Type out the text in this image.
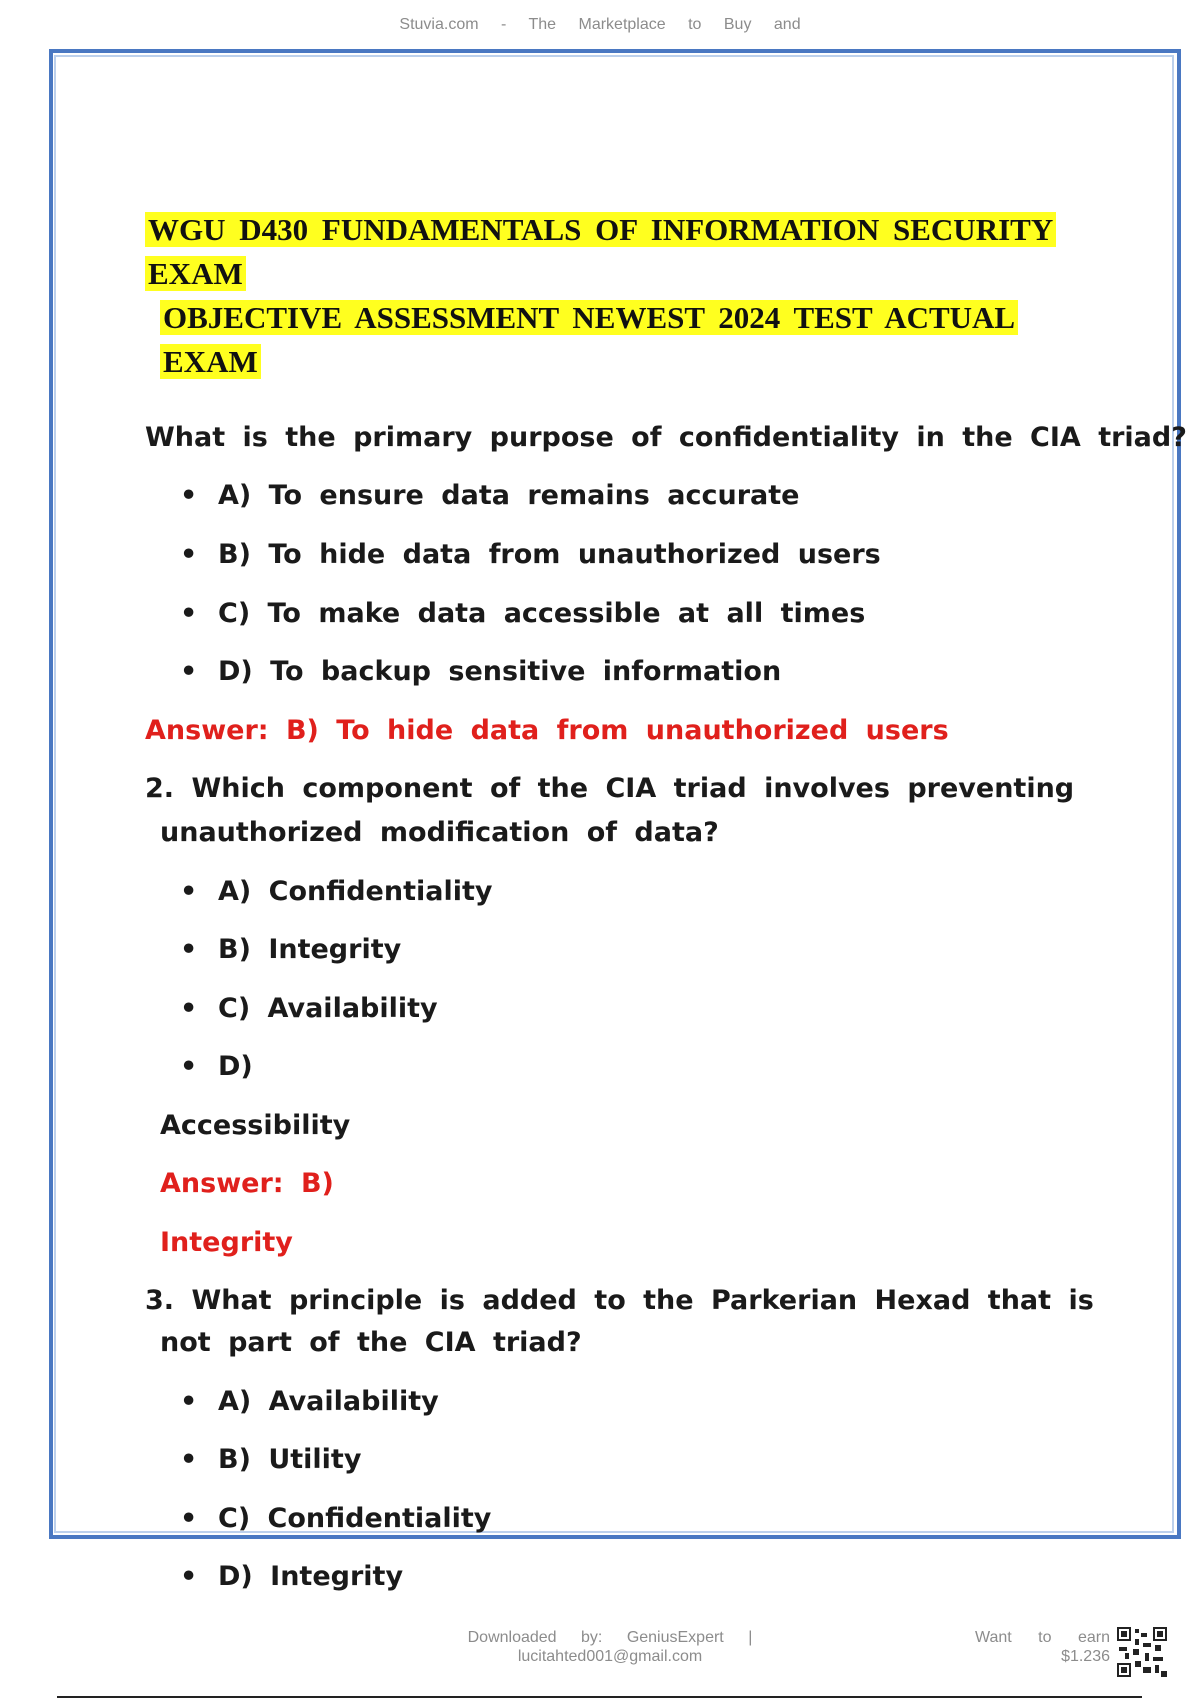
Stuvia.com - The Marketplace to Buy and
WGU D430 FUNDAMENTALS OF INFORMATION SECURITY EXAM
OBJECTIVE ASSESSMENT NEWEST 2024 TEST ACTUAL
EXAM
What is the primary purpose of confidentiality in the CIA triad?
• A) To ensure data remains accurate
• B) To hide data from unauthorized users
• C) To make data accessible at all times
• D) To backup sensitive information
Answer: B) To hide data from unauthorized users
2. Which component of the CIA triad involves preventing
unauthorized modification of data?
• A) Confidentiality
• B) Integrity
• C) Availability
• D)
Accessibility
Answer: B)
Integrity
3. What principle is added to the Parkerian Hexad that is
not part of the CIA triad?
• A) Availability
• B) Utility
• C) Confidentiality
• D) Integrity
Downloaded by: GeniusExpert |
lucitahted001@gmail.com
Want to earn
$1.236
